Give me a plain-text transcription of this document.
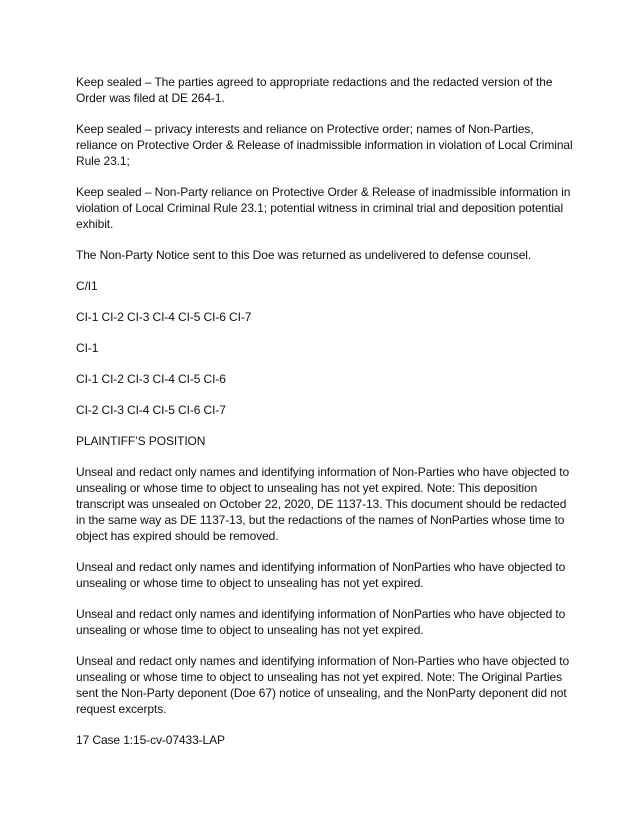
Keep sealed – The parties agreed to appropriate redactions and the redacted version of the Order was filed at DE 264-1.

Keep sealed – privacy interests and reliance on Protective order; names of Non-Parties, reliance on Protective Order & Release of inadmissible information in violation of Local Criminal Rule 23.1;

Keep sealed – Non-Party reliance on Protective Order & Release of inadmissible information in violation of Local Criminal Rule 23.1; potential witness in criminal trial and deposition potential exhibit.

The Non-Party Notice sent to this Doe was returned as undelivered to defense counsel.

C/I1

CI-1 CI-2 CI-3 CI-4 CI-5 CI-6 CI-7

CI-1

CI-1 CI-2 CI-3 CI-4 CI-5 CI-6

CI-2 CI-3 CI-4 CI-5 CI-6 CI-7

PLAINTIFF’S POSITION

Unseal and redact only names and identifying information of Non-Parties who have objected to unsealing or whose time to object to unsealing has not yet expired. Note: This deposition transcript was unsealed on October 22, 2020, DE 1137-13. This document should be redacted in the same way as DE 1137-13, but the redactions of the names of NonParties whose time to object has expired should be removed.

Unseal and redact only names and identifying information of NonParties who have objected to unsealing or whose time to object to unsealing has not yet expired.

Unseal and redact only names and identifying information of NonParties who have objected to unsealing or whose time to object to unsealing has not yet expired.

Unseal and redact only names and identifying information of Non-Parties who have objected to unsealing or whose time to object to unsealing has not yet expired. Note: The Original Parties sent the Non-Party deponent (Doe 67) notice of unsealing, and the NonParty deponent did not request excerpts.

17 Case 1:15-cv-07433-LAP
